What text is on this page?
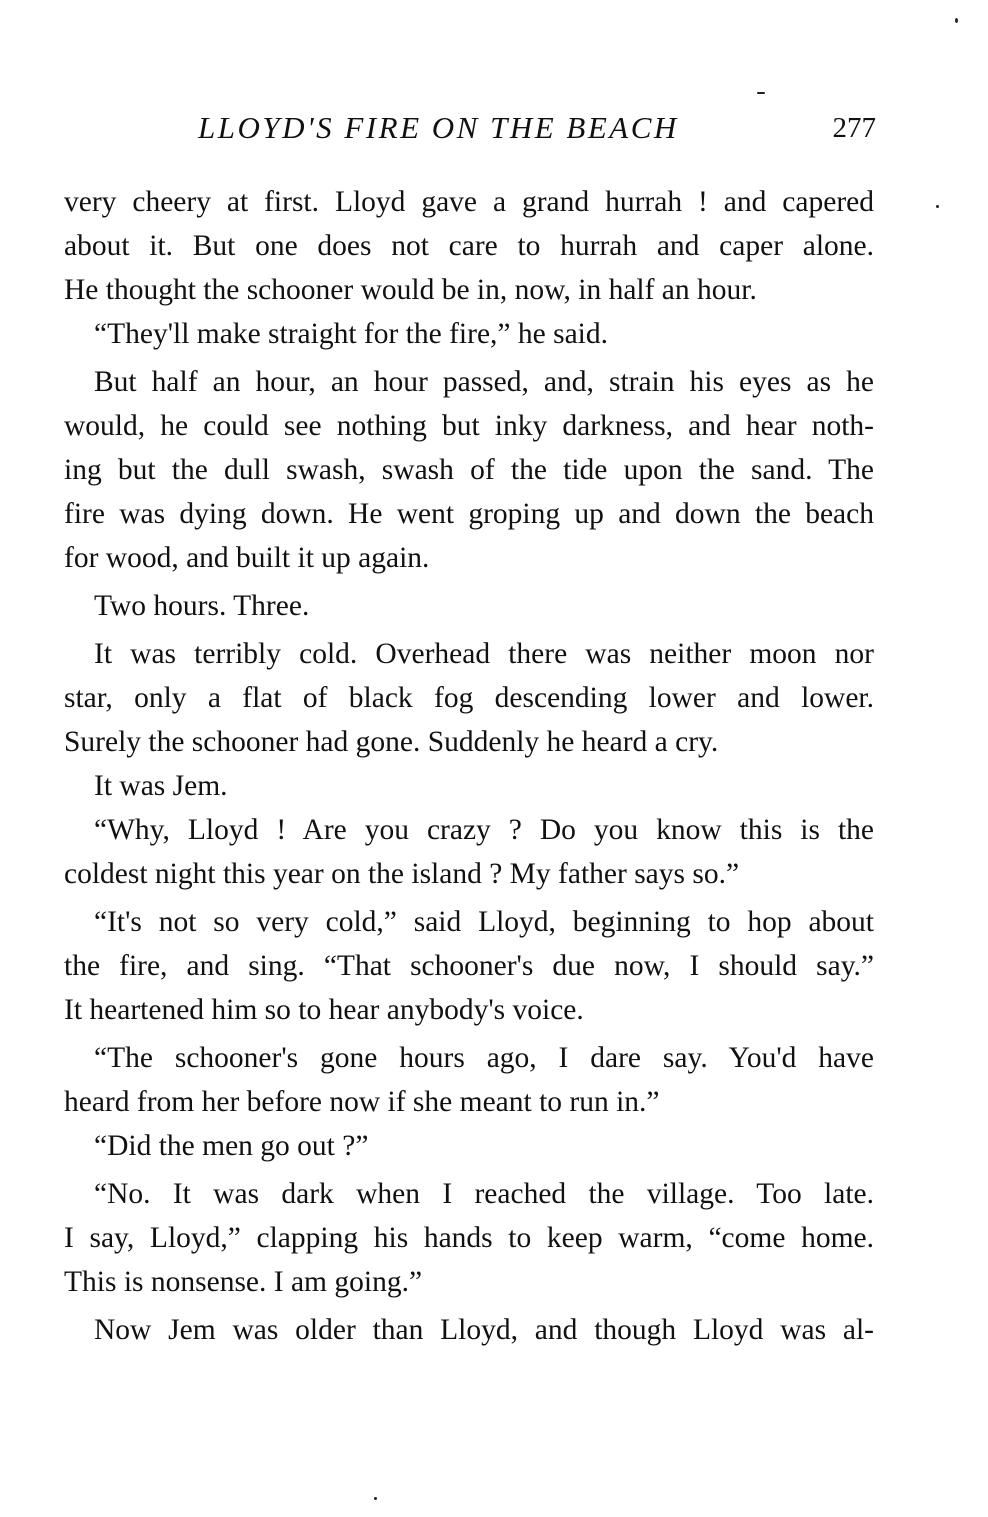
LLOYD'S FIRE ON THE BEACH	277
very cheery at first. Lloyd gave a grand hurrah ! and capered
about it. But one does not care to hurrah and caper alone.
He thought the schooner would be in, now, in half an hour.
“They'll make straight for the fire,” he said.
But half an hour, an hour passed, and, strain his eyes as he
would, he could see nothing but inky darkness, and hear noth-
ing but the dull swash, swash of the tide upon the sand. The
fire was dying down. He went groping up and down the beach
for wood, and built it up again.
Two hours. Three.
It was terribly cold. Overhead there was neither moon nor
star, only a flat of black fog descending lower and lower.
Surely the schooner had gone. Suddenly he heard a cry.
It was Jem.
“Why, Lloyd ! Are you crazy ? Do you know this is the
coldest night this year on the island ? My father says so.”
“It's not so very cold,” said Lloyd, beginning to hop about
the fire, and sing. “That schooner's due now, I should say.”
It heartened him so to hear anybody's voice.
“The schooner's gone hours ago, I dare say. You'd have
heard from her before now if she meant to run in.”
“Did the men go out ?”
“No. It was dark when I reached the village. Too late.
I say, Lloyd,” clapping his hands to keep warm, “come home.
This is nonsense. I am going.”
Now Jem was older than Lloyd, and though Lloyd was al-
